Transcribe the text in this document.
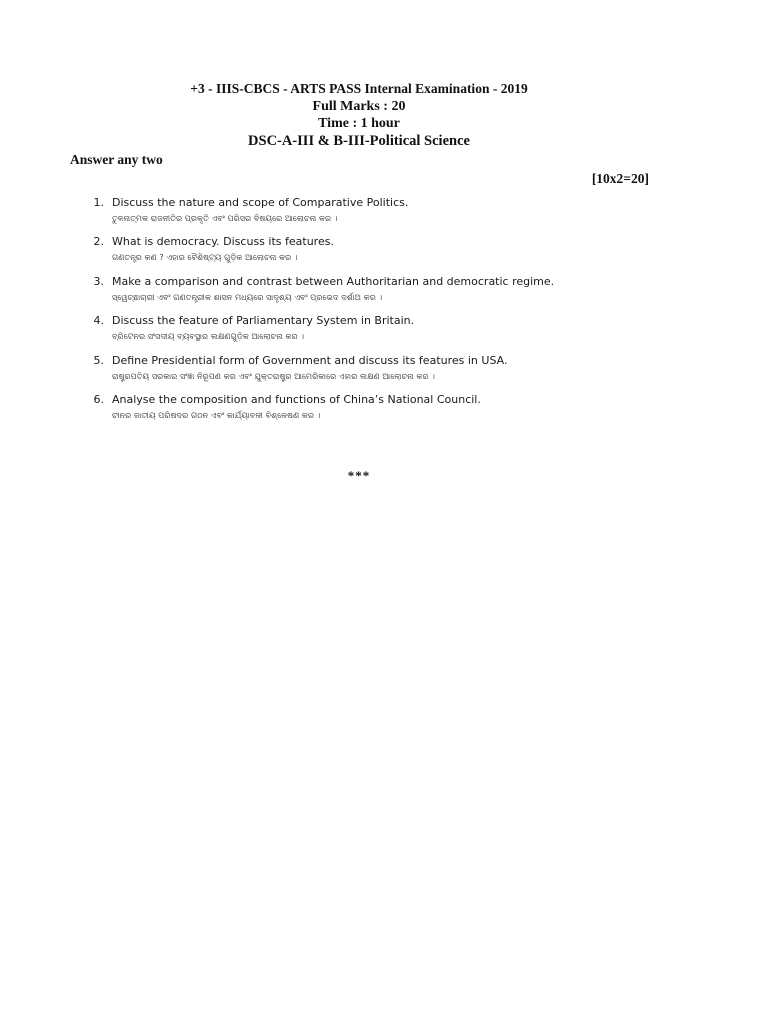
+3 - IIIS-CBCS - ARTS PASS Internal Examination - 2019
Full Marks : 20
Time : 1 hour
DSC-A-III & B-III-Political Science
Answer any two
[10x2=20]
1. Discuss the nature and scope of Comparative Politics.
ତୁଳନାତ୍ମକ ରାଜନୀତିର ପ୍ରକୃତି ଏବଂ ପରିସର ବିଷୟରେ ଆଲୋଚନା କର ।
2. What is democracy. Discuss its features.
ଗଣତନ୍ତ୍ର କଣ ? ଏହାର ବୈଶିଷ୍ଟ୍ୟ ଗୁଡ଼ିକ ଆଲୋଚନା କର ।
3. Make a comparison and contrast between Authoritarian and democratic regime.
ସ୍ୱେଚ୍ଛାଚାରୀ ଏବଂ ଗଣତନ୍ତ୍ରୀକ ଶାସନ ମଧ୍ୟରେ ସାଦୃଶ୍ୟ ଏବଂ ପ୍ରଭେଦ ଦର୍ଶାଅ କର ।
4. Discuss the feature of Parliamentary System in Britain.
ବ୍ରିଟେନର ସଂସଦୀୟ ବ୍ୟବସ୍ଥାର ଲକ୍ଷଣଗୁଡ଼ିକ ଆଲୋଚନା କର ।
5. Define Presidential form of Government and discuss its features in USA.
ରାଷ୍ଟ୍ରପତିୟ ସରକାର ସଂଜ୍ଞା ନିରୂପଣ କର ଏବଂ ଯୁକ୍ତରାଷ୍ଟ୍ର ଆମେରିକାରେ ଏହାର ଲକ୍ଷଣ ଆଲୋଚନା କର ।
6. Analyse the composition and functions of China’s National Council.
ଚୀନର ଜାତୀୟ ପରିଷଦର ଗଠନ ଏବଂ କାର୍ଯ୍ୟାବଳୀ ବିଶ୍ଳେଷଣ କର ।
***
